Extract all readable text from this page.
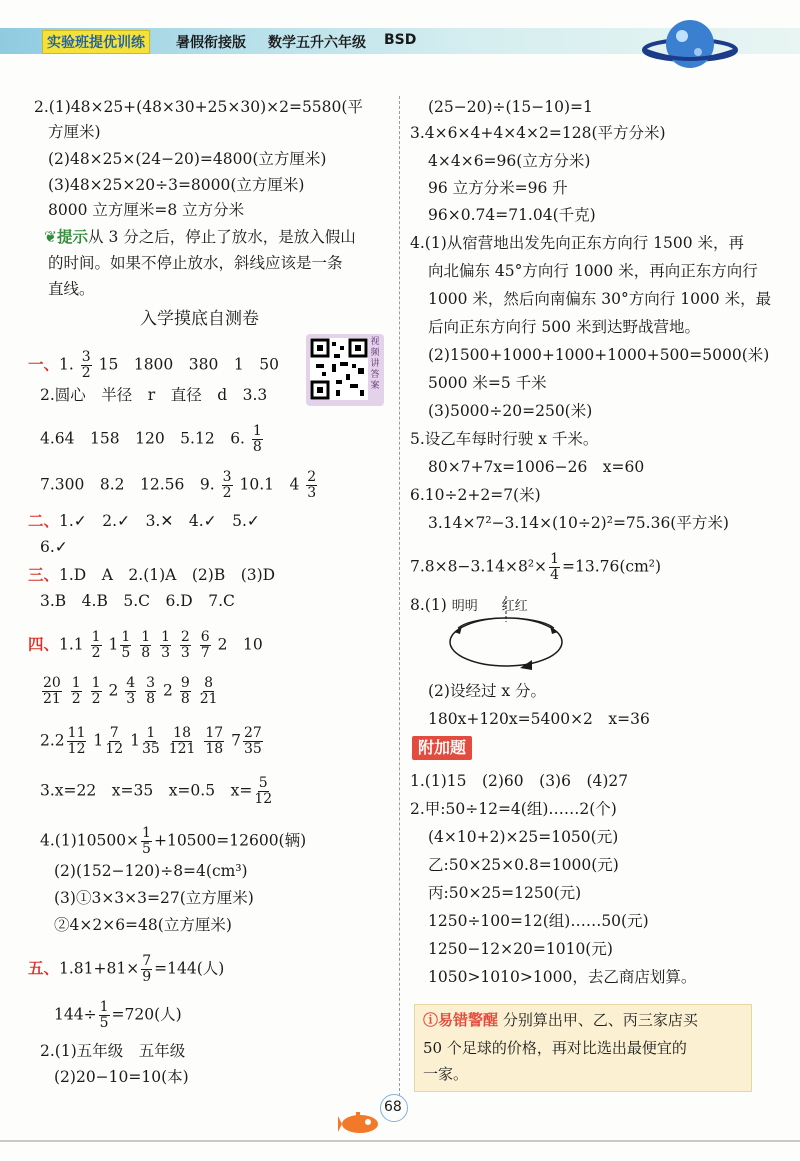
实验班提优训练	暑假衔接版 数学五升六年级 BSD
2.(1)48×25+(48×30+25×30)×2=5580(平
方厘米)
(2)48×25×(24−20)=4800(立方厘米)
(3)48×25×20÷3=8000(立方厘米)
8000 立方厘米=8 立方分米
❦提示从 3 分之后，停止了放水，是放入假山
的时间。如果不停止放水，斜线应该是一条
直线。
入学摸底自测卷
视频讲答案
一、1. $\frac{3}{2} 15$　1800　380　1　50
2.圆心　半径　r　直径　d　3.3
4.64　158　120　5.12　6. $\frac{1}{8}$
7.300　8.2　12.56　9. $\frac{3}{2} 10.1$　$4 \frac{2}{3}$
二、1.✓　2.✓　3.✕　4.✓　5.✓
6.✓
三、1.D　A　2.(1)A　(2)B　(3)D
3.B　4.B　5.C　6.D　7.C
四、$1.1 \frac{1}{2} 1 \frac{1}{5}$
$\frac{1}{8}$
$\frac{1}{3}$
$\frac{2}{3}$
$\frac{6}{7} 2$　10
$\frac{20}{21}$
$\frac{1}{2}$
$\frac{1}{2} 2 \frac{4}{3}$
$\frac{3}{8} 2 \frac{9}{8}$
$\frac{8}{21}$
$2.2 \frac{11}{12} 1 \frac{7}{12} 1 \frac{1}{35}$
$\frac{18}{121}$
$\frac{17}{18} 7 \frac{27}{35}$
3.x=22　x=35　x=0.5　$x= \frac{5}{12}$
$4.(1)10500\times \frac{1}{5} +10500=12600$(辆)
(2)(152−120)÷8=4(cm³)
(3)①3×3×3=27(立方厘米)
②4×2×6=48(立方厘米)
五、$1.81+81\times \frac{7}{9} =144$(人)
$144\div \frac{1}{5} =720$(人)
2.(1)五年级　五年级
(2)20−10=10(本)
(25−20)÷(15−10)=1
3.4×6×4+4×4×2=128(平方分米)
4×4×6=96(立方分米)
96 立方分米=96 升
96×0.74=71.04(千克)
4.(1)从宿营地出发先向正东方向行 1500 米，再
向北偏东 45°方向行 1000 米，再向正东方向行
1000 米，然后向南偏东 30°方向行 1000 米，最
后向正东方向行 500 米到达野战营地。
(2)1500+1000+1000+1000+500=5000(米)
5000 米=5 千米
(3)5000÷20=250(米)
5.设乙车每时行驶 x 千米。
80×7+7x=1006−26　x=60
6.10÷2+2=7(米)
3.14×7²−3.14×(10÷2)²=75.36(平方米)
$7.8\times 8-3.14\times 8^2\times \frac{1}{4} =13.76(cm^2)$
8.(1) 明明 红红
(2)设经过 x 分。
180x+120x=5400×2　x=36
附加题
1.(1)15　(2)60　(3)6　(4)27
2.甲:50÷12=4(组)……2(个)
(4×10+2)×25=1050(元)
乙:50×25×0.8=1000(元)
丙:50×25=1250(元)
1250÷100=12(组)……50(元)
1250−12×20=1010(元)
1050>1010>1000，去乙商店划算。
ⓘ易错警醒 分别算出甲、乙、丙三家店买
50 个足球的价格，再对比选出最便宜的
一家。
68
